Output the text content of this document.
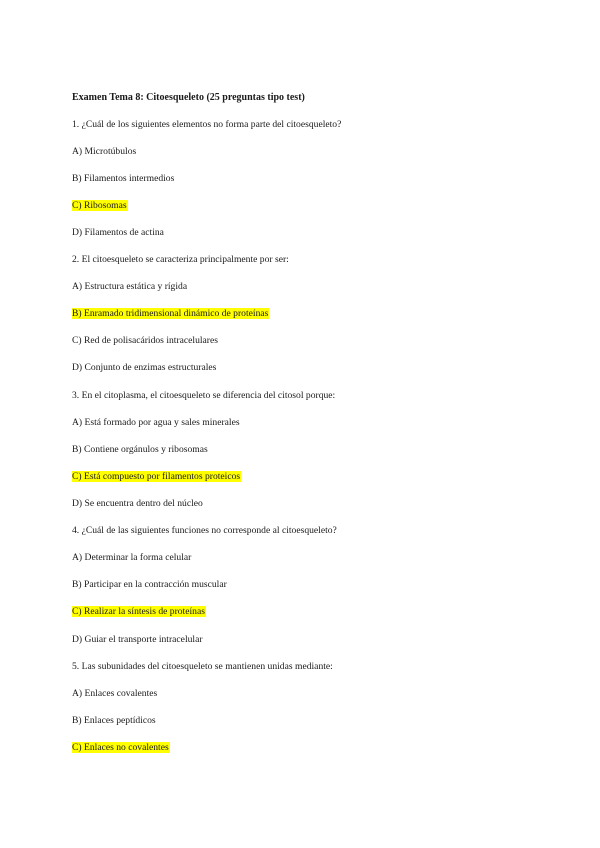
Examen Tema 8: Citoesqueleto (25 preguntas tipo test)
1. ¿Cuál de los siguientes elementos no forma parte del citoesqueleto?
A) Microtúbulos
B) Filamentos intermedios
C) Ribosomas
D) Filamentos de actina
2. El citoesqueleto se caracteriza principalmente por ser:
A) Estructura estática y rígida
B) Enramado tridimensional dinámico de proteínas
C) Red de polisacáridos intracelulares
D) Conjunto de enzimas estructurales
3. En el citoplasma, el citoesqueleto se diferencia del citosol porque:
A) Está formado por agua y sales minerales
B) Contiene orgánulos y ribosomas
C) Está compuesto por filamentos proteicos
D) Se encuentra dentro del núcleo
4. ¿Cuál de las siguientes funciones no corresponde al citoesqueleto?
A) Determinar la forma celular
B) Participar en la contracción muscular
C) Realizar la síntesis de proteínas
D) Guiar el transporte intracelular
5. Las subunidades del citoesqueleto se mantienen unidas mediante:
A) Enlaces covalentes
B) Enlaces peptídicos
C) Enlaces no covalentes
